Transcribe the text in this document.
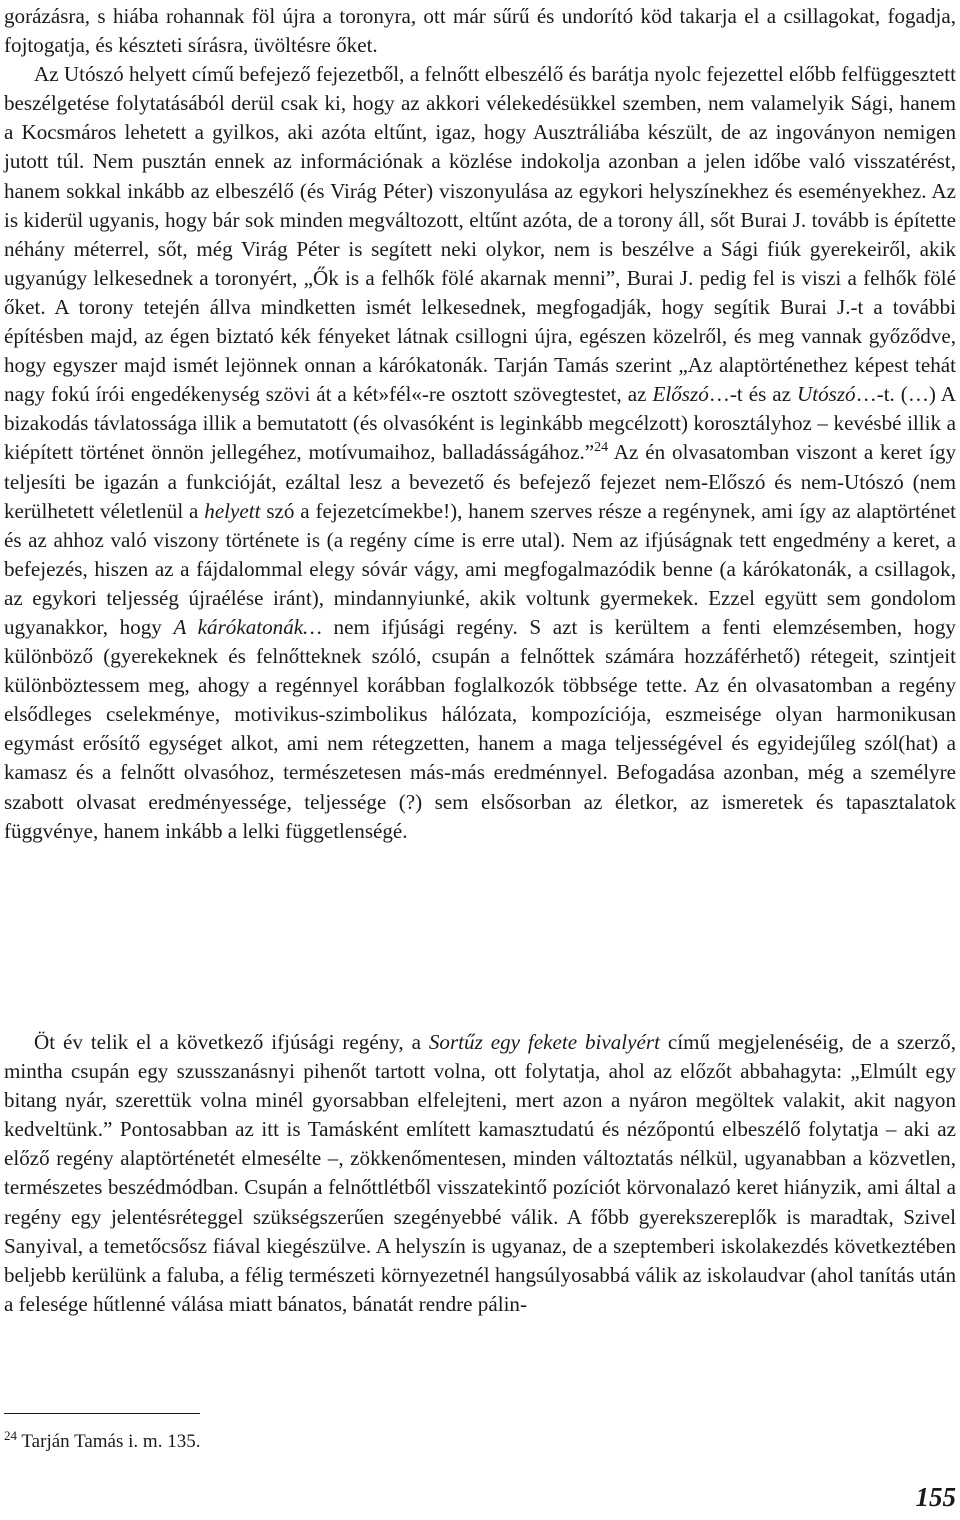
gorázásra, s hiába rohannak föl újra a toronyra, ott már sűrű és undorító köd takarja el a csillagokat, fogadja, fojtogatja, és készteti sírásra, üvöltésre őket.

Az Utószó helyett című befejező fejezetből, a felnőtt elbeszélő és barátja nyolc fejezettel előbb felfüggesztett beszélgetése folytatásából derül csak ki, hogy az akkori vélekedésükkel szemben, nem valamelyik Sági, hanem a Kocsmáros lehetett a gyilkos, aki azóta eltűnt, igaz, hogy Ausztráliába készült, de az ingoványon nemigen jutott túl. Nem pusztán ennek az információnak a közlése indokolja azonban a jelen időbe való visszatérést, hanem sokkal inkább az elbeszélő (és Virág Péter) viszonyulása az egykori helyszínekhez és eseményekhez. Az is kiderül ugyanis, hogy bár sok minden megváltozott, eltűnt azóta, de a torony áll, sőt Burai J. tovább is építette néhány méterrel, sőt, még Virág Péter is segített neki olykor, nem is beszélve a Sági fiúk gyerekeiről, akik ugyanúgy lelkesednek a toronyért, „Ők is a felhők fölé akarnak menni”, Burai J. pedig fel is viszi a felhők fölé őket. A torony tetején állva mindketten ismét lelkesednek, megfogadják, hogy segítik Burai J.-t a további építésben majd, az égen biztató kék fényeket látnak csillogni újra, egészen közelről, és meg vannak győződve, hogy egyszer majd ismét lejönnek onnan a kárókatonák. Tarján Tamás szerint „Az alaptörténethez képest tehát nagy fokú írói engedékenység szövi át a két»fél«-re osztott szövegtestet, az Előszó…-t és az Utószó…-t. (…) A bizakodás távlatossága illik a bemutatott (és olvasóként is leginkább megcélzott) korosztályhoz – kevésbé illik a kiépített történet önnön jellegéhez, motívumaihoz, balladásságához.”$^{24}$ Az én olvasatomban viszont a keret így teljesíti be igazán a funkcióját, ezáltal lesz a bevezető és befejező fejezet nem-Előszó és nem-Utószó (nem kerülhetett véletlenül a helyett szó a fejezetcímekbe!), hanem szerves része a regénynek, ami így az alaptörténet és az ahhoz való viszony története is (a regény címe is erre utal). Nem az ifjúságnak tett engedmény a keret, a befejezés, hiszen az a fájdalommal elegy sóvár vágy, ami megfogalmazódik benne (a kárókatonák, a csillagok, az egykori teljesség újraélése iránt), mindannyiunké, akik voltunk gyermekek. Ezzel együtt sem gondolom ugyanakkor, hogy A kárókatonák… nem ifjúsági regény. S azt is kerültem a fenti elemzésemben, hogy különböző (gyerekeknek és felnőtteknek szóló, csupán a felnőttek számára hozzáférhető) rétegeit, szintjeit különböztessem meg, ahogy a regénnyel korábban foglalkozók többsége tette. Az én olvasatomban a regény elsődleges cselekménye, motivikus-szimbolikus hálózata, kompozíciója, eszmeisége olyan harmonikusan egymást erősítő egységet alkot, ami nem rétegzetten, hanem a maga teljességével és egyidejűleg szól(hat) a kamasz és a felnőtt olvasóhoz, természetesen más-más eredménnyel. Befogadása azonban, még a személyre szabott olvasat eredményessége, teljessége (?) sem elsősorban az életkor, az ismeretek és tapasztalatok függvénye, hanem inkább a lelki függetlenségé.

Öt év telik el a következő ifjúsági regény, a Sortűz egy fekete bivalyért című megjelenéséig, de a szerző, mintha csupán egy szusszanásnyi pihenőt tartott volna, ott folytatja, ahol az előzőt abbahagyta: „Elmúlt egy bitang nyár, szerettük volna minél gyorsabban elfelejteni, mert azon a nyáron megöltek valakit, akit nagyon kedveltünk.” Pontosabban az itt is Tamásként említett kamasztudatú és nézőpontú elbeszélő folytatja – aki az előző regény alaptörténetét elmesélte –, zökkenőmentesen, minden változtatás nélkül, ugyanabban a közvetlen, természetes beszédmódban. Csupán a felnőttlétből visszatekintő pozíciót körvonalazó keret hiányzik, ami által a regény egy jelentésréteggel szükségszerűen szegényebbé válik. A főbb gyerekszereplők is maradtak, Szivel Sanyival, a temetőcsősz fiával kiegészülve. A helyszín is ugyanaz, de a szeptemberi iskolakezdés következtében beljebb kerülünk a faluba, a félig természeti környezetnél hangsúlyosabbá válik az iskolaudvar (ahol tanítás után a felesége hűtlenné válása miatt bánatos, bánatát rendre pálin-

$^{24}$ Tarján Tamás i. m. 135.
155
